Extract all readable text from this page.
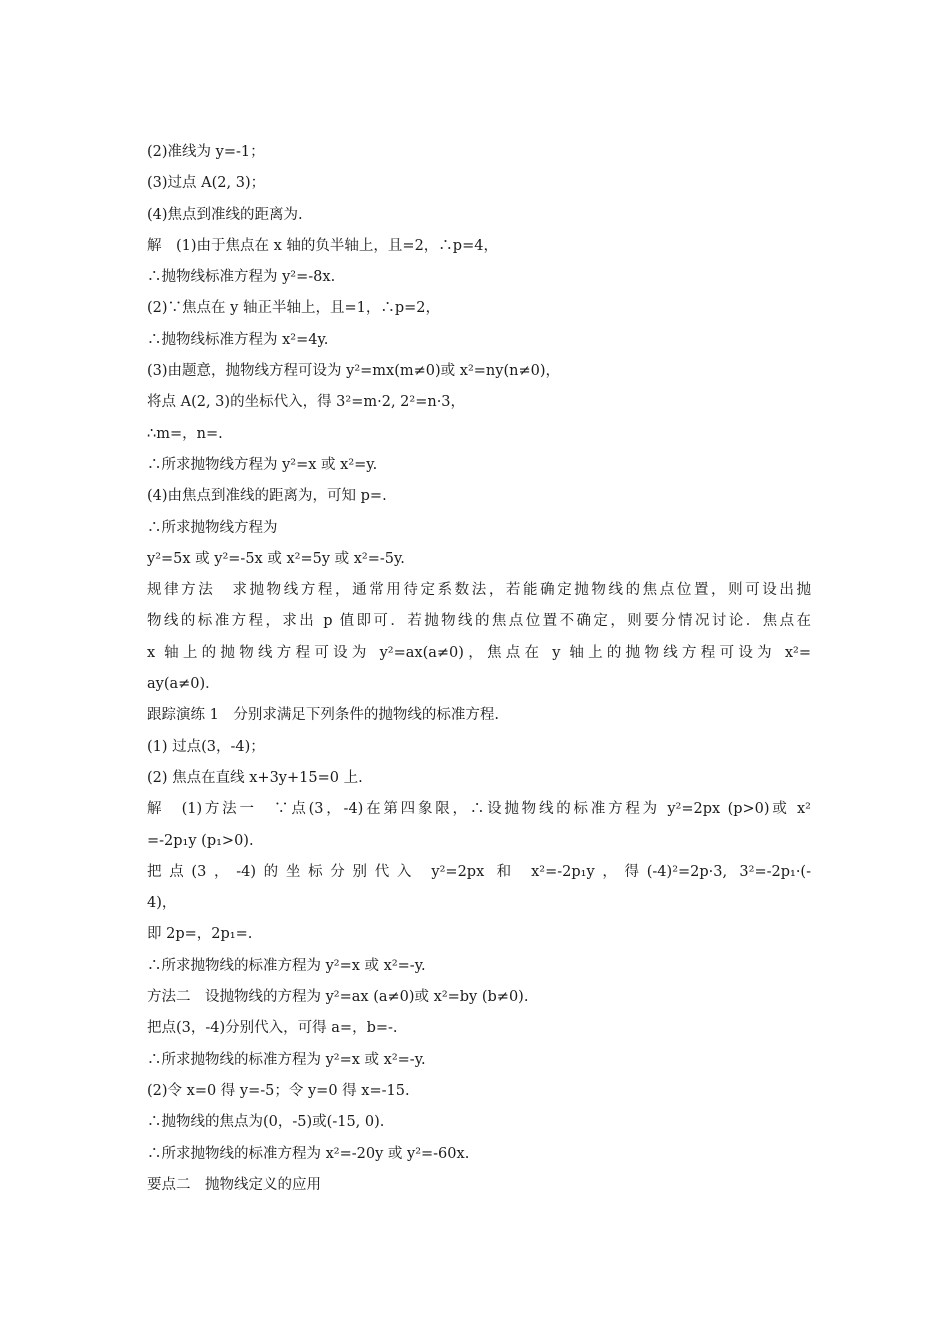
(2)准线为 y=-1；
(3)过点 A(2, 3)；
(4)焦点到准线的距离为.
解　(1)由于焦点在 x 轴的负半轴上，且=2，∴p=4，
∴抛物线标准方程为 y²=-8x.
(2)∵焦点在 y 轴正半轴上，且=1，∴p=2，
∴抛物线标准方程为 x²=4y.
(3)由题意，抛物线方程可设为 y²=mx(m≠0)或 x²=ny(n≠0)，
将点 A(2, 3)的坐标代入，得 3²=m·2, 2²=n·3，
∴m=，n=.
∴所求抛物线方程为 y²=x 或 x²=y.
(4)由焦点到准线的距离为，可知 p=.
∴所求抛物线方程为
y²=5x 或 y²=-5x 或 x²=5y 或 x²=-5y.
规律方法　求抛物线方程，通常用待定系数法，若能确定抛物线的焦点位置，则可设出抛
物线的标准方程，求出 p 值即可．若抛物线的焦点位置不确定，则要分情况讨论．焦点在
x 轴上的抛物线方程可设为 y²=ax(a≠0)，焦点在 y 轴上的抛物线方程可设为 x²=
ay(a≠0)．
跟踪演练 1　分别求满足下列条件的抛物线的标准方程.
(1) 过点(3，-4)；
(2) 焦点在直线 x+3y+15=0 上.
解　(1)方法一　∵点(3，-4)在第四象限，∴设抛物线的标准方程为 y²=2px (p>0)或 x²
=-2p₁y (p₁>0).
把点(3，-4)的坐标分别代入 y²=2px 和 x²=-2p₁y，得(-4)²=2p·3, 3²=-2p₁·(-
4)，
即 2p=，2p₁=.
∴所求抛物线的标准方程为 y²=x 或 x²=-y.
方法二　设抛物线的方程为 y²=ax (a≠0)或 x²=by (b≠0).
把点(3，-4)分别代入，可得 a=，b=-.
∴所求抛物线的标准方程为 y²=x 或 x²=-y.
(2)令 x=0 得 y=-5；令 y=0 得 x=-15.
∴抛物线的焦点为(0，-5)或(-15, 0).
∴所求抛物线的标准方程为 x²=-20y 或 y²=-60x.
要点二　抛物线定义的应用
